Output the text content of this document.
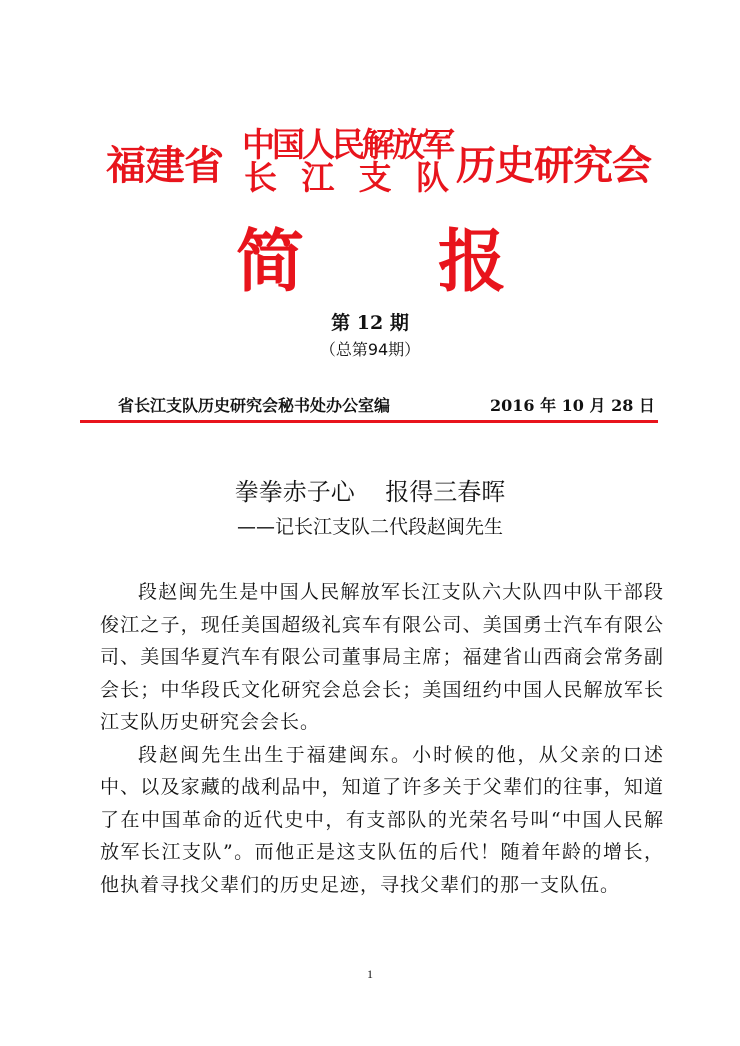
福建省 中国人民解放军
长 江 支 队 历史研究会
简 报
第 12 期
（总第94期）
省长江支队历史研究会秘书处办公室编	2016 年 10 月 28 日
拳拳赤子心    报得三春晖
——记长江支队二代段赵闽先生

段赵闽先生是中国人民解放军长江支队六大队四中队干部段俊江之子，现任美国超级礼宾车有限公司、美国勇士汽车有限公司、美国华夏汽车有限公司董事局主席；福建省山西商会常务副会长；中华段氏文化研究会总会长；美国纽约中国人民解放军长江支队历史研究会会长。

段赵闽先生出生于福建闽东。小时候的他，从父亲的口述中、以及家藏的战利品中，知道了许多关于父辈们的往事，知道了在中国革命的近代史中，有支部队的光荣名号叫“中国人民解放军长江支队”。而他正是这支队伍的后代！随着年龄的增长，他执着寻找父辈们的历史足迹，寻找父辈们的那一支队伍。

1
